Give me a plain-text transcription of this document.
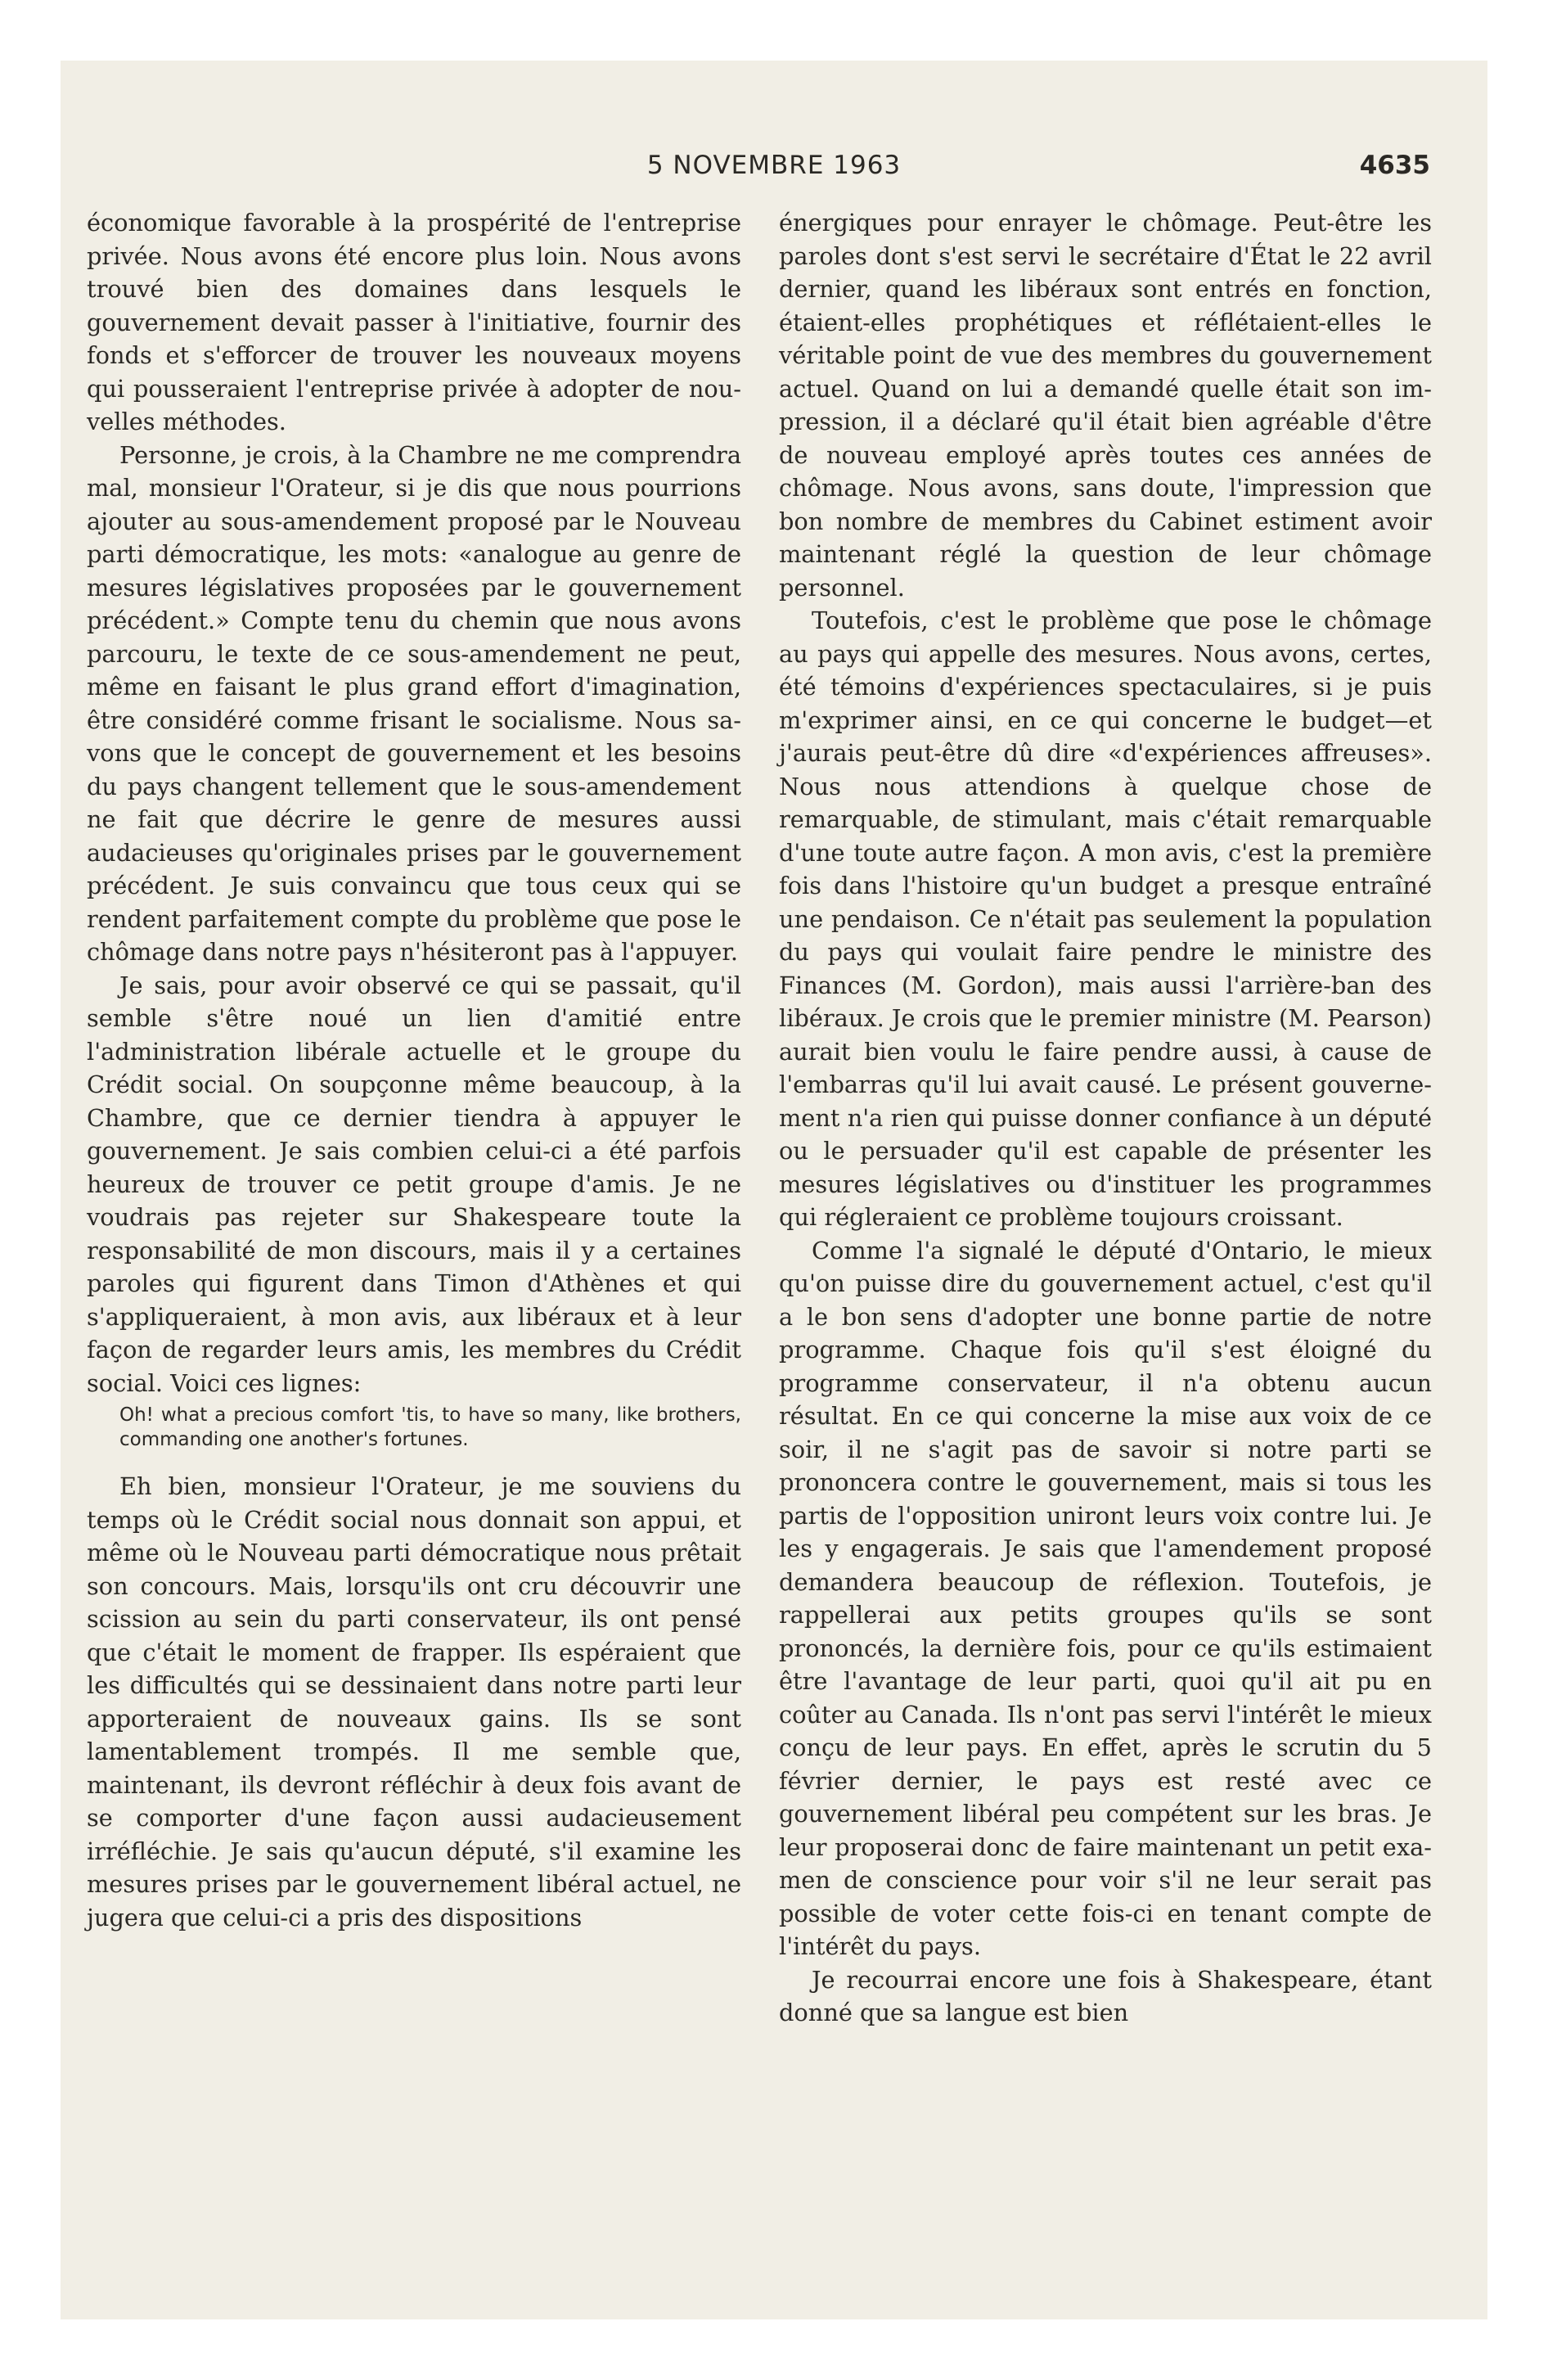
5 NOVEMBRE 1963	4635

économique favorable à la prospérité de l'entreprise privée. Nous avons été encore plus loin. Nous avons trouvé bien des domaines dans lesquels le gouvernement devait passer à l'initiative, fournir des fonds et s'efforcer de trouver les nouveaux moyens qui pousseraient l'entreprise privée à adopter de nouvelles méthodes.

Personne, je crois, à la Chambre ne me comprendra mal, monsieur l'Orateur, si je dis que nous pourrions ajouter au sous-amendement proposé par le Nouveau parti démocratique, les mots: «analogue au genre de mesures législatives proposées par le gouvernement précédent.» Compte tenu du chemin que nous avons parcouru, le texte de ce sous-amendement ne peut, même en faisant le plus grand effort d'imagination, être considéré comme frisant le socialisme. Nous savons que le concept de gouvernement et les besoins du pays changent tellement que le sous-amendement ne fait que décrire le genre de mesures aussi audacieuses qu'originales prises par le gouvernement précédent. Je suis convaincu que tous ceux qui se rendent parfaitement compte du problème que pose le chômage dans notre pays n'hésiteront pas à l'appuyer.

Je sais, pour avoir observé ce qui se passait, qu'il semble s'être noué un lien d'amitié entre l'administration libérale actuelle et le groupe du Crédit social. On soupçonne même beaucoup, à la Chambre, que ce dernier tiendra à appuyer le gouvernement. Je sais combien celui-ci a été parfois heureux de trouver ce petit groupe d'amis. Je ne voudrais pas rejeter sur Shakespeare toute la responsabilité de mon discours, mais il y a certaines paroles qui figurent dans Timon d'Athènes et qui s'appliqueraient, à mon avis, aux libéraux et à leur façon de regarder leurs amis, les membres du Crédit social. Voici ces lignes:

Oh! what a precious comfort 'tis, to have so many, like brothers, commanding one another's fortunes.

Eh bien, monsieur l'Orateur, je me souviens du temps où le Crédit social nous donnait son appui, et même où le Nouveau parti démocratique nous prêtait son concours. Mais, lorsqu'ils ont cru découvrir une scission au sein du parti conservateur, ils ont pensé que c'était le moment de frapper. Ils espéraient que les difficultés qui se dessinaient dans notre parti leur apporteraient de nouveaux gains. Ils se sont lamentablement trompés. Il me semble que, maintenant, ils devront réfléchir à deux fois avant de se comporter d'une façon aussi audacieusement irréfléchie. Je sais qu'aucun député, s'il examine les mesures prises par le gouvernement libéral actuel, ne jugera que celui-ci a pris des dispositions

énergiques pour enrayer le chômage. Peut-être les paroles dont s'est servi le secrétaire d'État le 22 avril dernier, quand les libéraux sont entrés en fonction, étaient-elles prophétiques et réflétaient-elles le véritable point de vue des membres du gouvernement actuel. Quand on lui a demandé quelle était son impression, il a déclaré qu'il était bien agréable d'être de nouveau employé après toutes ces années de chômage. Nous avons, sans doute, l'impression que bon nombre de membres du Cabinet estiment avoir maintenant réglé la question de leur chômage personnel.

Toutefois, c'est le problème que pose le chômage au pays qui appelle des mesures. Nous avons, certes, été témoins d'expériences spectaculaires, si je puis m'exprimer ainsi, en ce qui concerne le budget—et j'aurais peut-être dû dire «d'expériences affreuses». Nous nous attendions à quelque chose de remarquable, de stimulant, mais c'était remarquable d'une toute autre façon. A mon avis, c'est la première fois dans l'histoire qu'un budget a presque entraîné une pendaison. Ce n'était pas seulement la population du pays qui voulait faire pendre le ministre des Finances (M. Gordon), mais aussi l'arrière-ban des libéraux. Je crois que le premier ministre (M. Pearson) aurait bien voulu le faire pendre aussi, à cause de l'embarras qu'il lui avait causé. Le présent gouvernement n'a rien qui puisse donner confiance à un député ou le persuader qu'il est capable de présenter les mesures législatives ou d'instituer les programmes qui régleraient ce problème toujours croissant.

Comme l'a signalé le député d'Ontario, le mieux qu'on puisse dire du gouvernement actuel, c'est qu'il a le bon sens d'adopter une bonne partie de notre programme. Chaque fois qu'il s'est éloigné du programme conservateur, il n'a obtenu aucun résultat. En ce qui concerne la mise aux voix de ce soir, il ne s'agit pas de savoir si notre parti se prononcera contre le gouvernement, mais si tous les partis de l'opposition uniront leurs voix contre lui. Je les y engagerais. Je sais que l'amendement proposé demandera beaucoup de réflexion. Toutefois, je rappellerai aux petits groupes qu'ils se sont prononcés, la dernière fois, pour ce qu'ils estimaient être l'avantage de leur parti, quoi qu'il ait pu en coûter au Canada. Ils n'ont pas servi l'intérêt le mieux conçu de leur pays. En effet, après le scrutin du 5 février dernier, le pays est resté avec ce gouvernement libéral peu compétent sur les bras. Je leur proposerai donc de faire maintenant un petit examen de conscience pour voir s'il ne leur serait pas possible de voter cette fois-ci en tenant compte de l'intérêt du pays.

Je recourrai encore une fois à Shakespeare, étant donné que sa langue est bien
